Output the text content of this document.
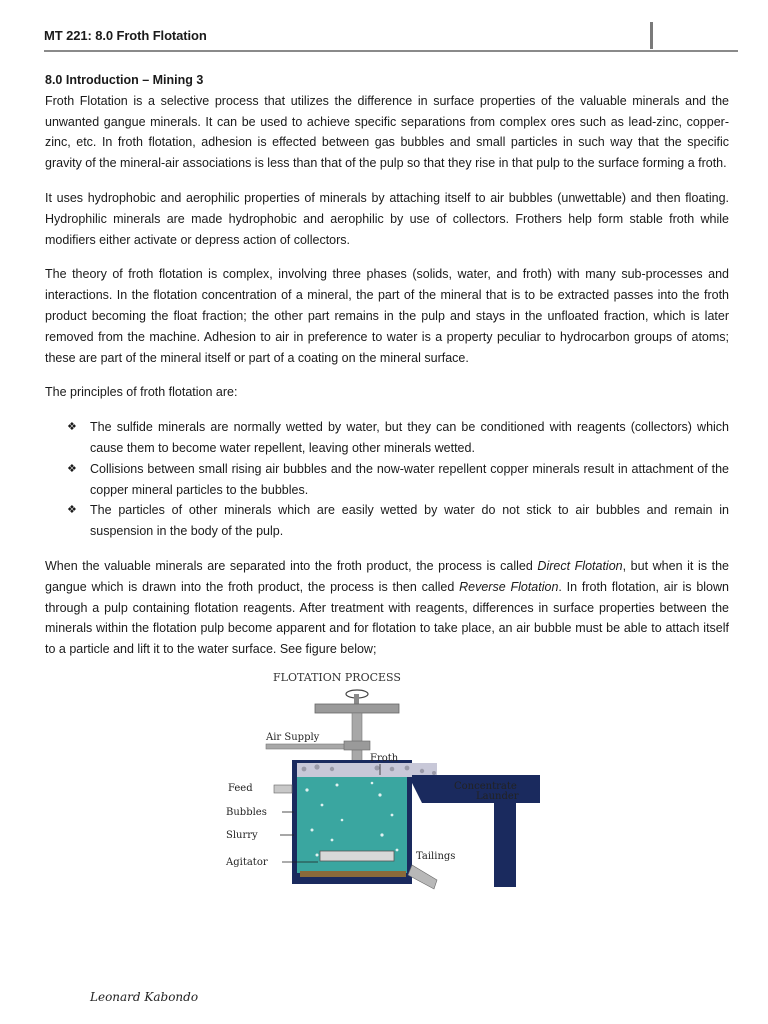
MT 221: 8.0 Froth Flotation

8.0 Introduction – Mining 3

Froth Flotation is a selective process that utilizes the difference in surface properties of the valuable minerals and the unwanted gangue minerals. It can be used to achieve specific separations from complex ores such as lead-zinc, copper-zinc, etc. In froth flotation, adhesion is effected between gas bubbles and small particles in such way that the specific gravity of the mineral-air associations is less than that of the pulp so that they rise in that pulp to the surface forming a froth.

It uses hydrophobic and aerophilic properties of minerals by attaching itself to air bubbles (unwettable) and then floating. Hydrophilic minerals are made hydrophobic and aerophilic by use of collectors. Frothers help form stable froth while modifiers either activate or depress action of collectors.

The theory of froth flotation is complex, involving three phases (solids, water, and froth) with many sub-processes and interactions. In the flotation concentration of a mineral, the part of the mineral that is to be extracted passes into the froth product becoming the float fraction; the other part remains in the pulp and stays in the unfloated fraction, which is later removed from the machine. Adhesion to air in preference to water is a property peculiar to hydrocarbon groups of atoms; these are part of the mineral itself or part of a coating on the mineral surface.

The principles of froth flotation are:

❖ The sulfide minerals are normally wetted by water, but they can be conditioned with reagents (collectors) which cause them to become water repellent, leaving other minerals wetted.
❖ Collisions between small rising air bubbles and the now-water repellent copper minerals result in attachment of the copper mineral particles to the bubbles.
❖ The particles of other minerals which are easily wetted by water do not stick to air bubbles and remain in suspension in the body of the pulp.

When the valuable minerals are separated into the froth product, the process is called Direct Flotation, but when it is the gangue which is drawn into the froth product, the process is then called Reverse Flotation. In froth flotation, air is blown through a pulp containing flotation reagents. After treatment with reagents, differences in surface properties between the minerals within the flotation pulp become apparent and for flotation to take place, an air bubble must be able to attach itself to a particle and lift it to the water surface. See figure below;

FLOTATION PROCESS
Air Supply
Froth
Feed
Bubbles
Slurry
Agitator
Concentrate
Launder
Tailings
Leonard Kabondo
